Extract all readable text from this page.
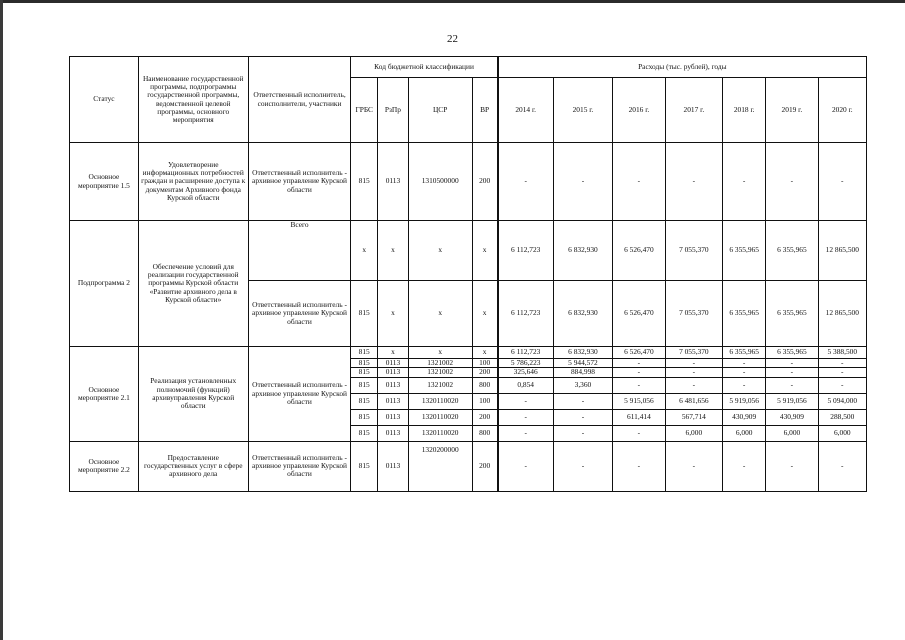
22
Статус	Наименование государственной программы, подпрограммы государственной программы, ведомственной целевой программы, основного мероприятия	Ответственный исполнитель, соисполнители, участники	Код бюджетной классификации				Расходы (тыс. рублей), годы						
			ГРБС	РзПр	ЦСР	ВР	2014 г.	2015 г.	2016 г.	2017 г.	2018 г.	2019 г.	2020 г.
Основное мероприятие 1.5	Удовлетворение информационных потребностей граждан и расширение доступа к документам Архивного фонда Курской области	Ответственный исполнитель - архивное управление Курской области	815	0113	1310500000	200	-	-	-	-	-	-	-
Подпрограмма 2	Обеспечение условий для реализации государственной программы Курской области «Развитие архивного дела в Курской области»	Всего	x	x	x	x	6 112,723	6 832,930	6 526,470	7 055,370	6 355,965	6 355,965	12 865,500
		Ответственный исполнитель - архивное управление Курской области	815	x	x	x	6 112,723	6 832,930	6 526,470	7 055,370	6 355,965	6 355,965	12 865,500
Основное мероприятие 2.1	Реализация установленных полномочий (функций) архивуправления Курской области	Ответственный исполнитель - архивное управление Курской области	815	x	x	x	6 112,723	6 832,930	6 526,470	7 055,370	6 355,965	6 355,965	5 388,500
			815	0113	1321002	100	5 786,223	5 944,572	-	-	-	-	-
			815	0113	1321002	200	325,646	884,998	-	-	-	-	-
			815	0113	1321002	800	0,854	3,360	-	-	-	-	-
			815	0113	1320110020	100	-	-	5 915,056	6 481,656	5 919,056	5 919,056	5 094,000
			815	0113	1320110020	200	-	-	611,414	567,714	430,909	430,909	288,500
			815	0113	1320110020	800	-	-	-	6,000	6,000	6,000	6,000
Основное мероприятие 2.2	Предоставление государственных услуг в сфере архивного дела	Ответственный исполнитель - архивное управление Курской области	815	0113	1320200000	200	-	-	-	-	-	-	-
